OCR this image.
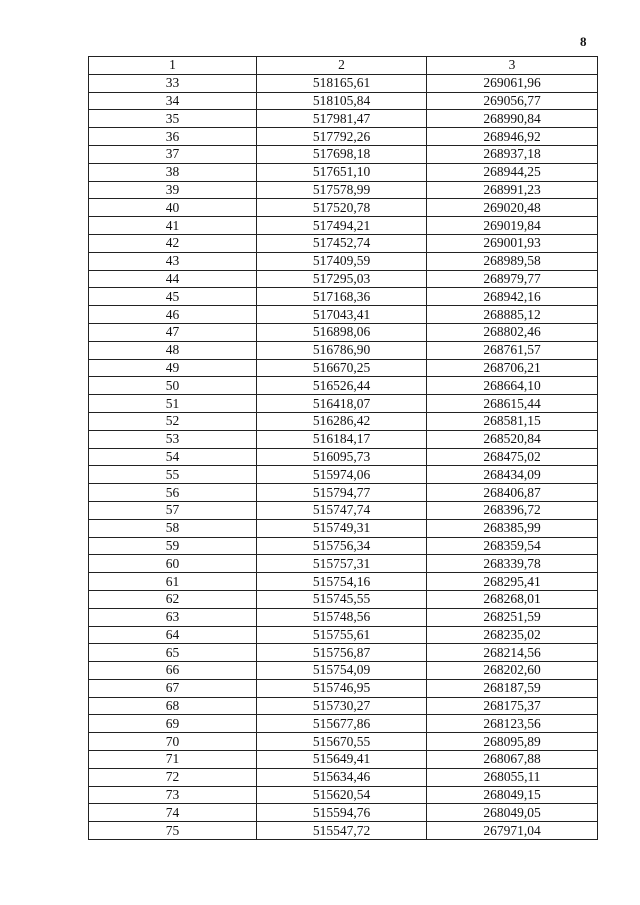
8
1	2	3
33	518165,61	269061,96
34	518105,84	269056,77
35	517981,47	268990,84
36	517792,26	268946,92
37	517698,18	268937,18
38	517651,10	268944,25
39	517578,99	268991,23
40	517520,78	269020,48
41	517494,21	269019,84
42	517452,74	269001,93
43	517409,59	268989,58
44	517295,03	268979,77
45	517168,36	268942,16
46	517043,41	268885,12
47	516898,06	268802,46
48	516786,90	268761,57
49	516670,25	268706,21
50	516526,44	268664,10
51	516418,07	268615,44
52	516286,42	268581,15
53	516184,17	268520,84
54	516095,73	268475,02
55	515974,06	268434,09
56	515794,77	268406,87
57	515747,74	268396,72
58	515749,31	268385,99
59	515756,34	268359,54
60	515757,31	268339,78
61	515754,16	268295,41
62	515745,55	268268,01
63	515748,56	268251,59
64	515755,61	268235,02
65	515756,87	268214,56
66	515754,09	268202,60
67	515746,95	268187,59
68	515730,27	268175,37
69	515677,86	268123,56
70	515670,55	268095,89
71	515649,41	268067,88
72	515634,46	268055,11
73	515620,54	268049,15
74	515594,76	268049,05
75	515547,72	267971,04
